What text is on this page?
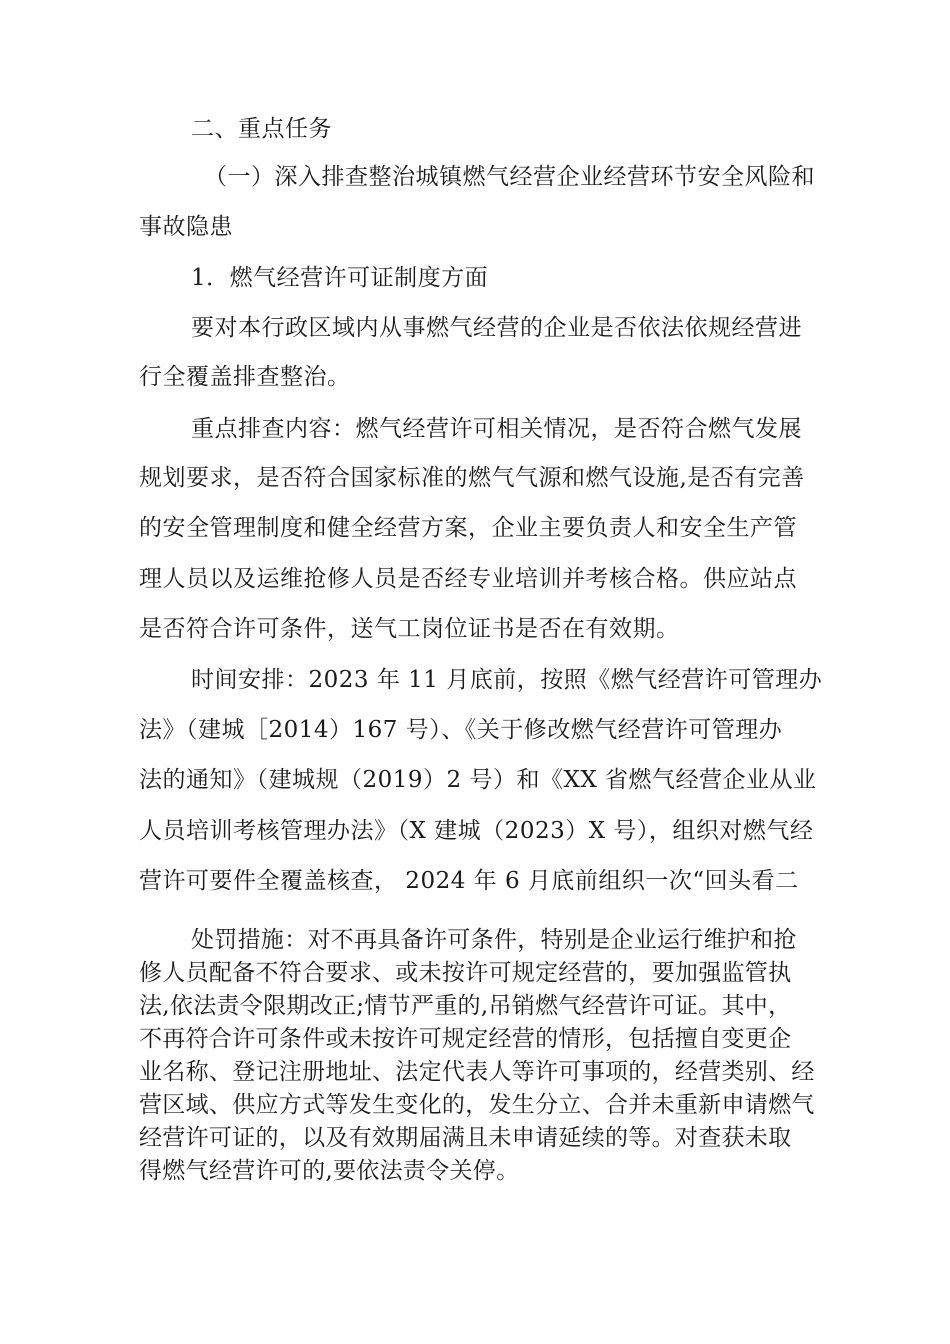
二、重点任务
（一）深入排查整治城镇燃气经营企业经营环节安全风险和
事故隐患
1．燃气经营许可证制度方面
要对本行政区域内从事燃气经营的企业是否依法依规经营进
行全覆盖排查整治。
重点排查内容：燃气经营许可相关情况，是否符合燃气发展
规划要求，是否符合国家标准的燃气气源和燃气设施,是否有完善
的安全管理制度和健全经营方案，企业主要负责人和安全生产管
理人员以及运维抢修人员是否经专业培训并考核合格。供应站点
是否符合许可条件，送气工岗位证书是否在有效期。
时间安排：2023 年 11 月底前，按照《燃气经营许可管理办
法》（建城［2014）167 号）、《关于修改燃气经营许可管理办
法的通知》（建城规（2019）2 号）和《XX 省燃气经营企业从业
人员培训考核管理办法》（X 建城（2023）X 号），组织对燃气经
营许可要件全覆盖核查， 2024 年 6 月底前组织一次“回头看二
处罚措施：对不再具备许可条件，特别是企业运行维护和抢
修人员配备不符合要求、或未按许可规定经营的，要加强监管执
法,依法责令限期改正;情节严重的,吊销燃气经营许可证。其中，
不再符合许可条件或未按许可规定经营的情形，包括擅自变更企
业名称、登记注册地址、法定代表人等许可事项的，经营类别、经
营区域、供应方式等发生变化的，发生分立、合并未重新申请燃气
经营许可证的，以及有效期届满且未申请延续的等。对查获未取
得燃气经营许可的,要依法责令关停。
